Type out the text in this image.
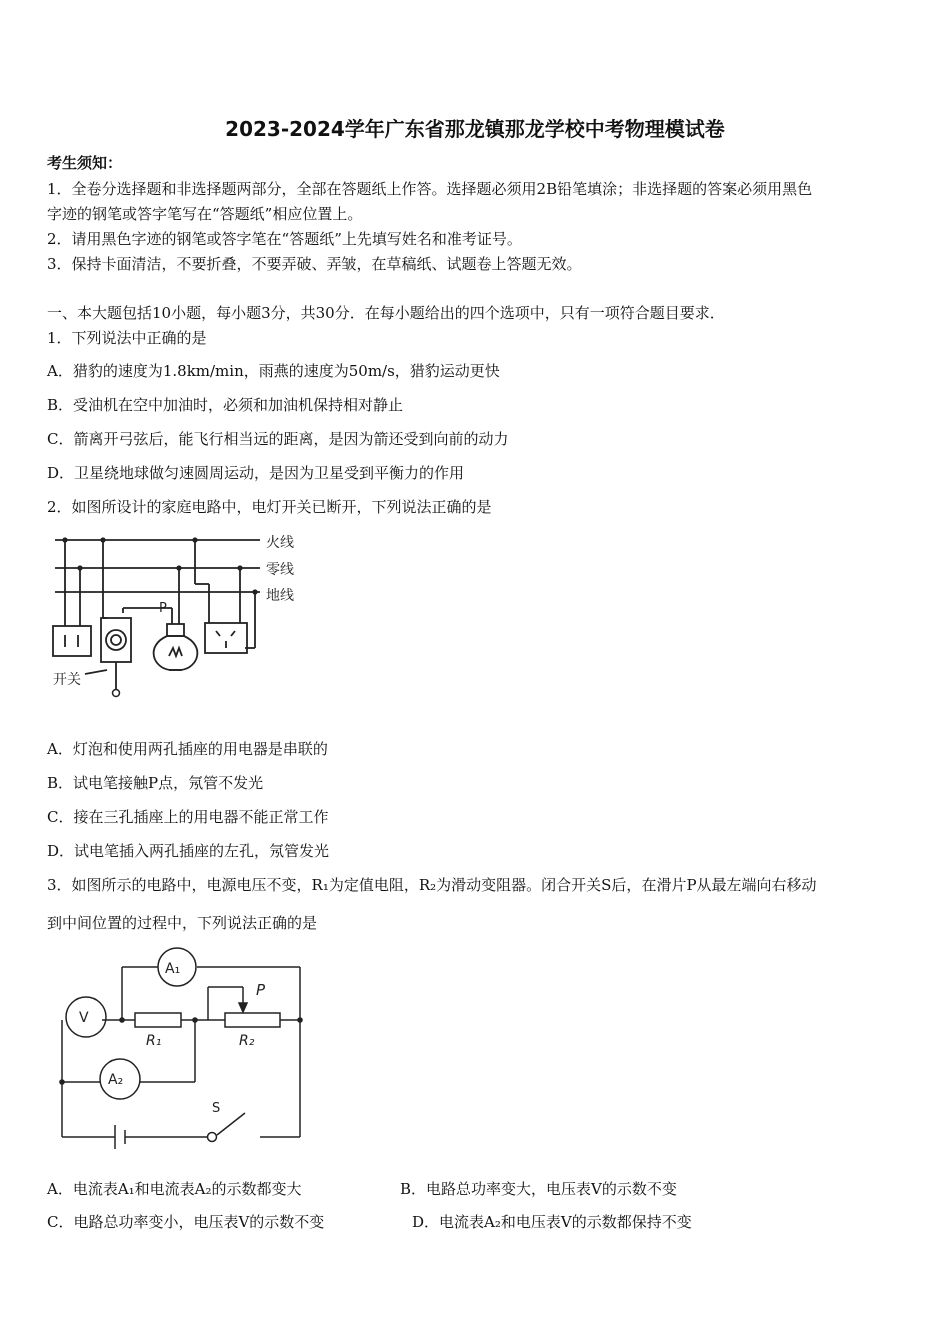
2023-2024学年广东省那龙镇那龙学校中考物理模试卷
考生须知：
1．全卷分选择题和非选择题两部分，全部在答题纸上作答。选择题必须用2B铅笔填涂；非选择题的答案必须用黑色
字迹的钢笔或答字笔写在“答题纸”相应位置上。
2．请用黑色字迹的钢笔或答字笔在“答题纸”上先填写姓名和准考证号。
3．保持卡面清洁，不要折叠，不要弄破、弄皱，在草稿纸、试题卷上答题无效。
一、本大题包括10小题，每小题3分，共30分．在每小题给出的四个选项中，只有一项符合题目要求．
1．下列说法中正确的是
A．猎豹的速度为1.8km/min，雨燕的速度为50m/s，猎豹运动更快
B．受油机在空中加油时，必须和加油机保持相对静止
C．箭离开弓弦后，能飞行相当远的距离，是因为箭还受到向前的动力
D．卫星绕地球做匀速圆周运动，是因为卫星受到平衡力的作用
2．如图所设计的家庭电路中，电灯开关已断开，下列说法正确的是
火线
零线
地线
P
开关
A．灯泡和使用两孔插座的用电器是串联的
B．试电笔接触P点，氖管不发光
C．接在三孔插座上的用电器不能正常工作
D．试电笔插入两孔插座的左孔，氖管发光
3．如图所示的电路中，电源电压不变，R₁为定值电阻，R₂为滑动变阻器。闭合开关S后，在滑片P从最左端向右移动
到中间位置的过程中，下列说法正确的是
A₁
V
A₂
R₁	R₂
P
S
A．电流表A₁和电流表A₂的示数都变大	B．电路总功率变大，电压表V的示数不变
C．电路总功率变小，电压表V的示数不变	D．电流表A₂和电压表V的示数都保持不变
